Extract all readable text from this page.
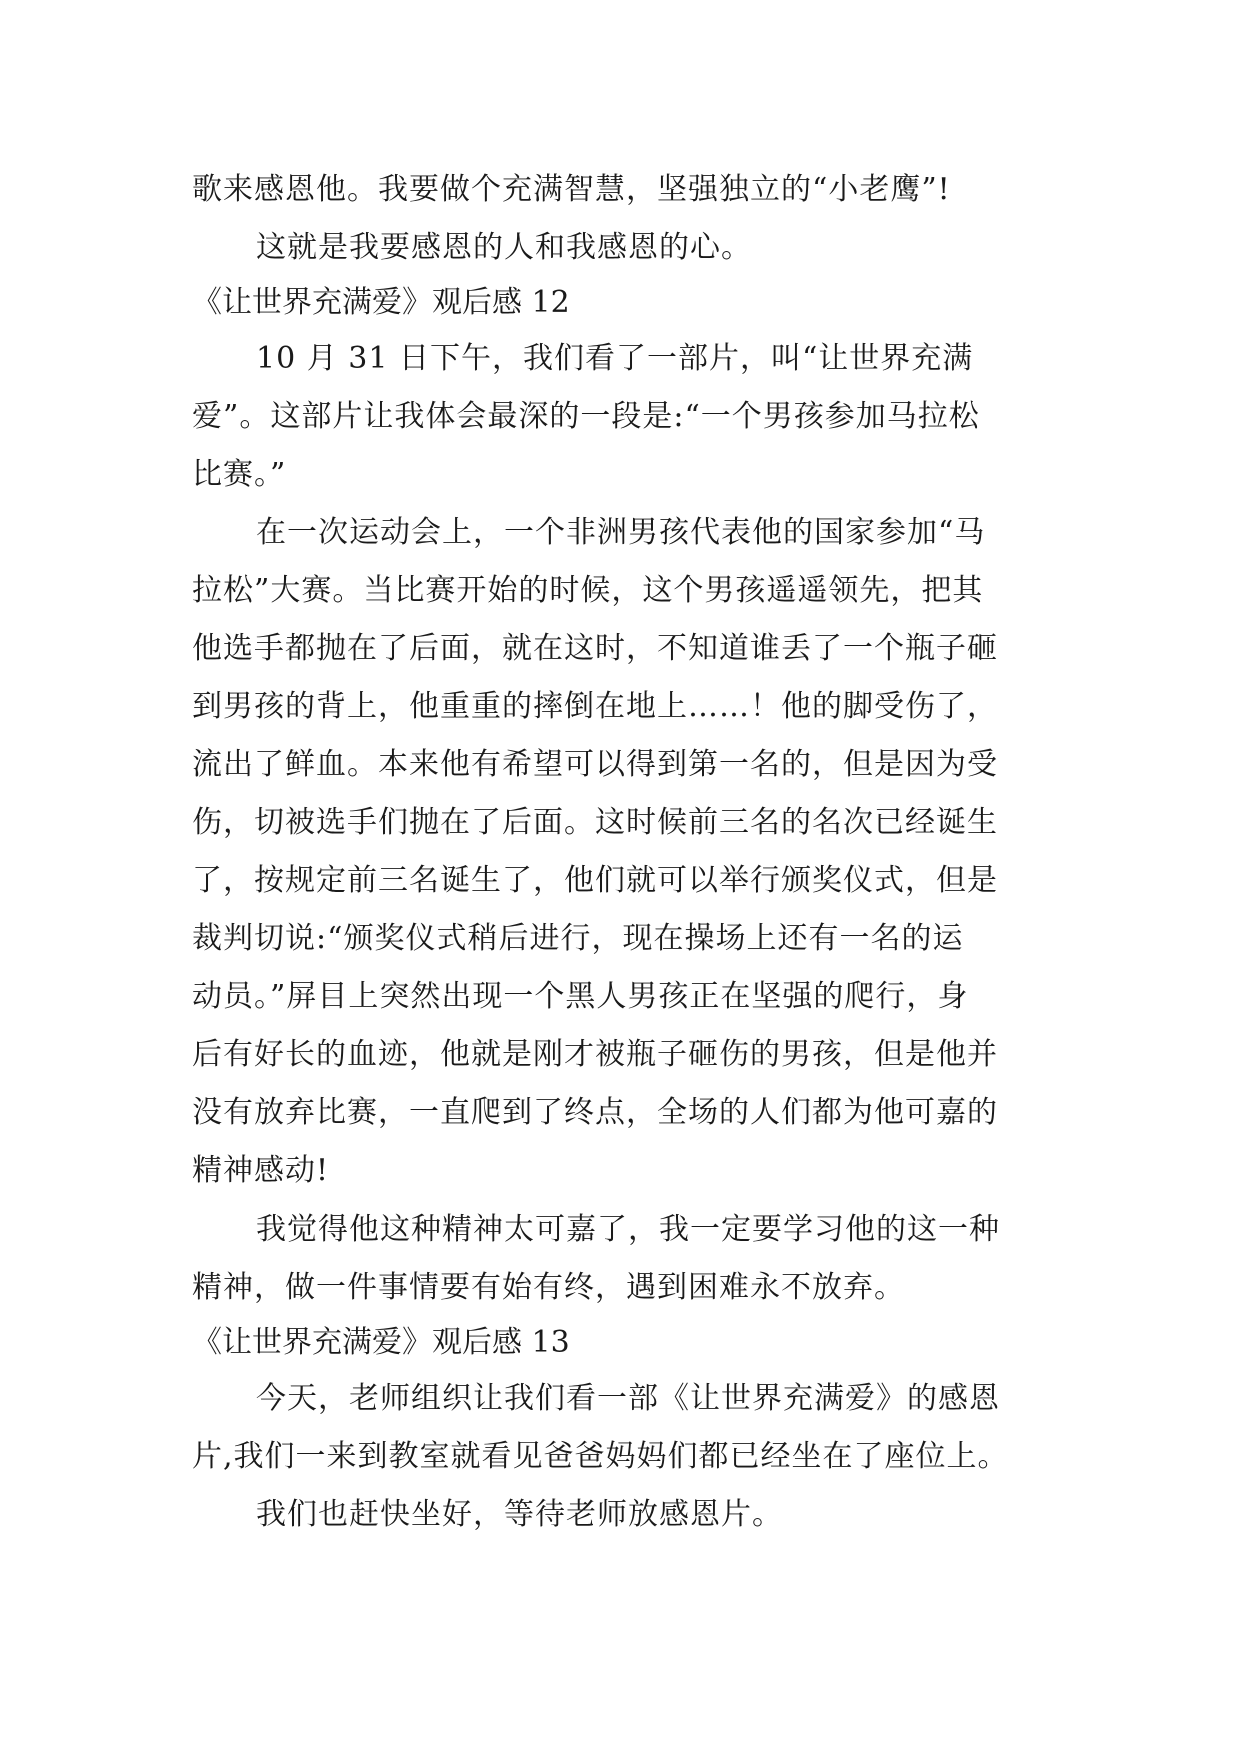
歌来感恩他。我要做个充满智慧，坚强独立的“小老鹰”!
这就是我要感恩的人和我感恩的心。
《让世界充满爱》观后感 12
10 月 31 日下午，我们看了一部片，叫“让世界充满
爱”。这部片让我体会最深的一段是:“一个男孩参加马拉松
比赛。”
在一次运动会上，一个非洲男孩代表他的国家参加“马
拉松”大赛。当比赛开始的时候，这个男孩遥遥领先，把其
他选手都抛在了后面，就在这时，不知道谁丢了一个瓶子砸
到男孩的背上，他重重的摔倒在地上……！他的脚受伤了，
流出了鲜血。本来他有希望可以得到第一名的，但是因为受
伤，切被选手们抛在了后面。这时候前三名的名次已经诞生
了，按规定前三名诞生了，他们就可以举行颁奖仪式，但是
裁判切说:“颁奖仪式稍后进行，现在操场上还有一名的运
动员。”屏目上突然出现一个黑人男孩正在坚强的爬行，身
后有好长的血迹，他就是刚才被瓶子砸伤的男孩，但是他并
没有放弃比赛，一直爬到了终点，全场的人们都为他可嘉的
精神感动!
我觉得他这种精神太可嘉了，我一定要学习他的这一种
精神，做一件事情要有始有终，遇到困难永不放弃。
《让世界充满爱》观后感 13
今天，老师组织让我们看一部《让世界充满爱》的感恩
片,我们一来到教室就看见爸爸妈妈们都已经坐在了座位上。
我们也赶快坐好，等待老师放感恩片。
